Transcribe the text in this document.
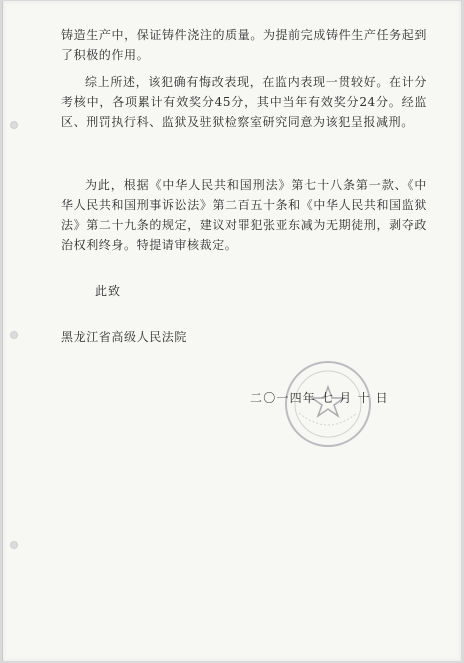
铸造生产中，保证铸件浇注的质量。为提前完成铸件生产任务起到了积极的作用。
综上所述，该犯确有悔改表现，在监内表现一贯较好。在计分考核中，各项累计有效奖分45分，其中当年有效奖分24分。经监区、刑罚执行科、监狱及驻狱检察室研究同意为该犯呈报减刑。
为此，根据《中华人民共和国刑法》第七十八条第一款、《中华人民共和国刑事诉讼法》第二百五十条和《中华人民共和国监狱法》第二十九条的规定，建议对罪犯张亚东减为无期徒刑，剥夺政治权利终身。特提请审核裁定。
此致
黑龙江省高级人民法院
二〇一四年 七 月 十 日
